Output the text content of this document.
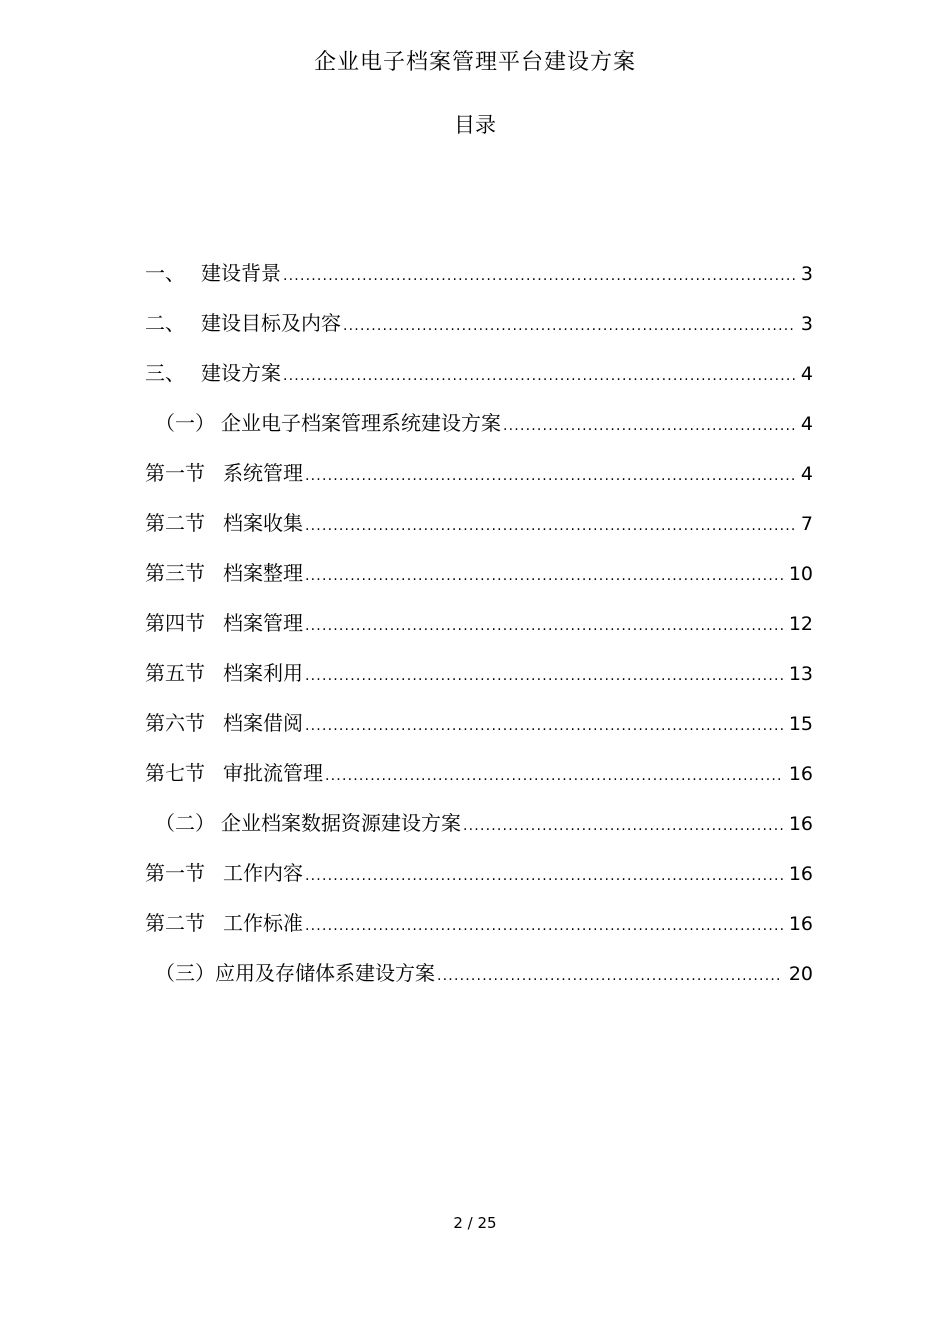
企业电子档案管理平台建设方案
目录
一、 建设背景 .....	3
二、 建设目标及内容 .....	3
三、 建设方案 .....	4
（一） 企业电子档案管理系统建设方案 .....	4
第一节 系统管理 .....	4
第二节 档案收集 .....	7
第三节 档案整理 .....	10
第四节 档案管理 .....	12
第五节 档案利用 .....	13
第六节 档案借阅 .....	15
第七节 审批流管理 .....	16
（二） 企业档案数据资源建设方案 .....	16
第一节 工作内容 .....	16
第二节 工作标准 .....	16
（三） 应用及存储体系建设方案 .....	20
2 / 25
